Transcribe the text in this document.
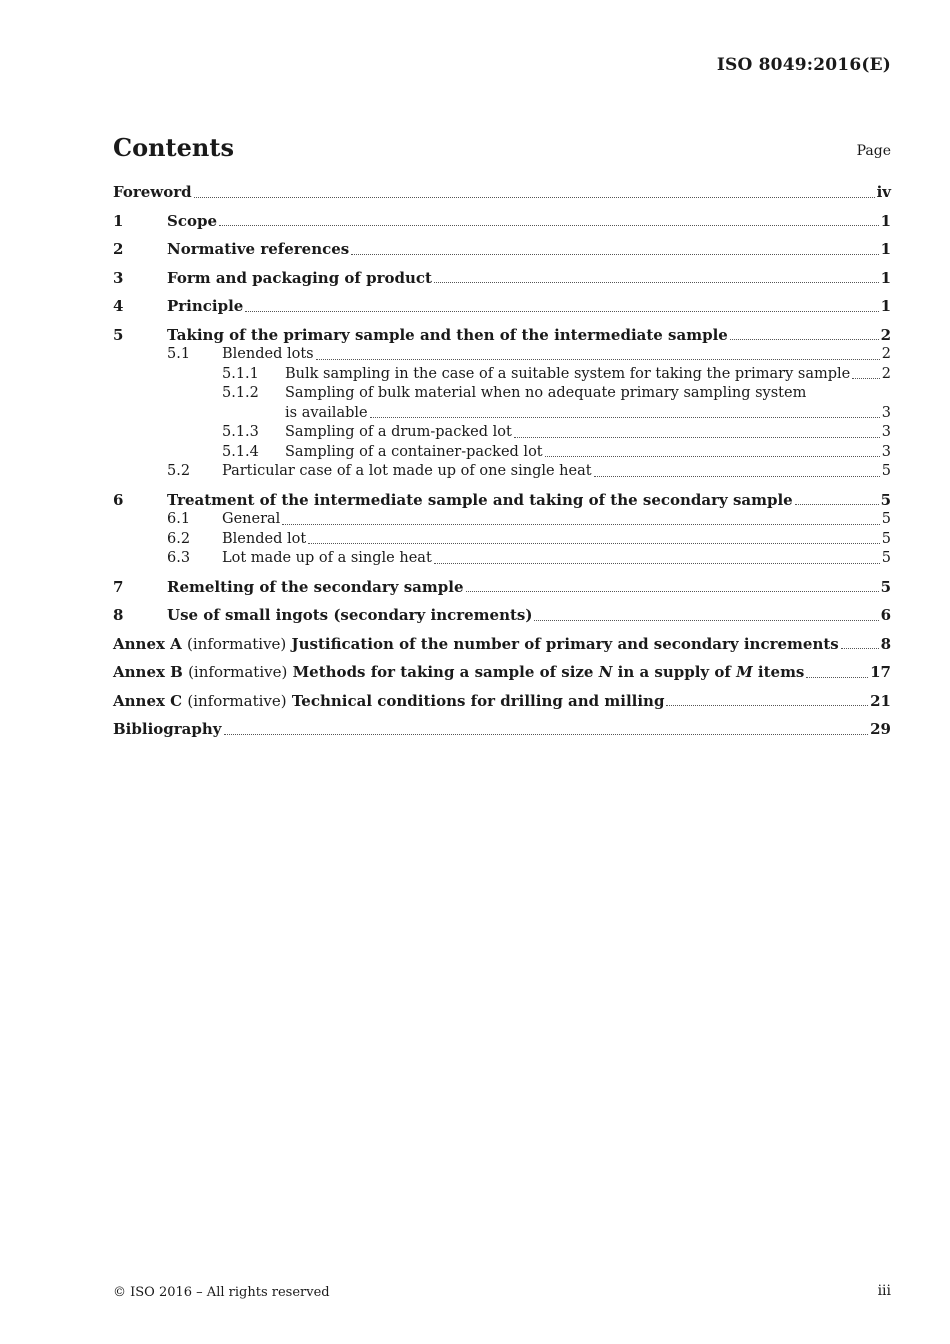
ISO 8049:2016(E)
Contents	Page
Foreword	iv
1	Scope	1
2	Normative references	1
3	Form and packaging of product	1
4	Principle	1
5	Taking of the primary sample and then of the intermediate sample	2
5.1	Blended lots	2
5.1.1	Bulk sampling in the case of a suitable system for taking the primary sample 2
5.1.2	Sampling of bulk material when no adequate primary sampling system
is available	3
5.1.3	Sampling of a drum-packed lot	3
5.1.4	Sampling of a container-packed lot	3
5.2	Particular case of a lot made up of one single heat	5
6	Treatment of the intermediate sample and taking of the secondary sample	5
6.1	General	5
6.2	Blended lot	5
6.3	Lot made up of a single heat	5
7	Remelting of the secondary sample	5
8	Use of small ingots (secondary increments)	6
Annex A (informative) Justification of the number of primary and secondary increments	8
Annex B (informative) Methods for taking a sample of size N in a supply of M items	17
Annex C (informative) Technical conditions for drilling and milling	21
Bibliography	29
© ISO 2016 – All rights reserved	iii
